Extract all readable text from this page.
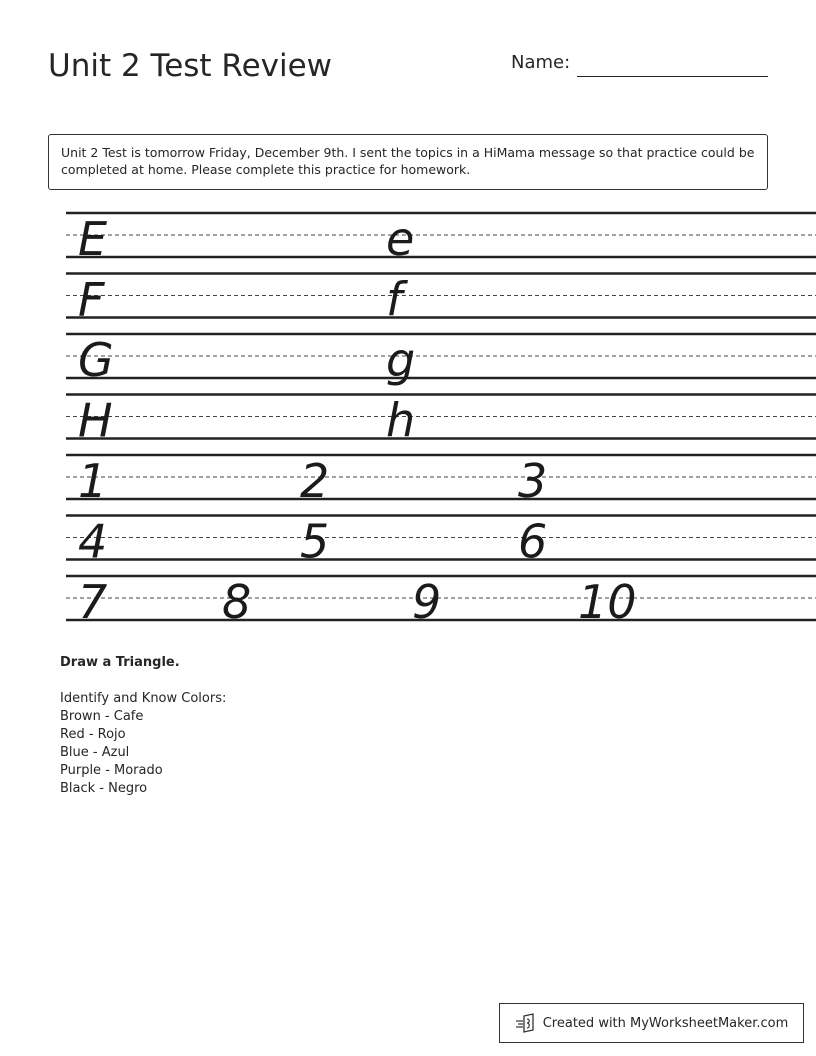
Unit 2 Test Review	Name:
Unit 2 Test is tomorrow Friday, December 9th. I sent the topics in a HiMama message so that practice could be completed at home. Please complete this practice for homework.
E	e
F	f
G	g
H	h
1	2	3
4	5	6
7 8	9	10
Draw a Triangle.
Identify and Know Colors:
Brown - Cafe
Red - Rojo
Blue - Azul
Purple - Morado
Black - Negro
Created with MyWorksheetMaker.com
